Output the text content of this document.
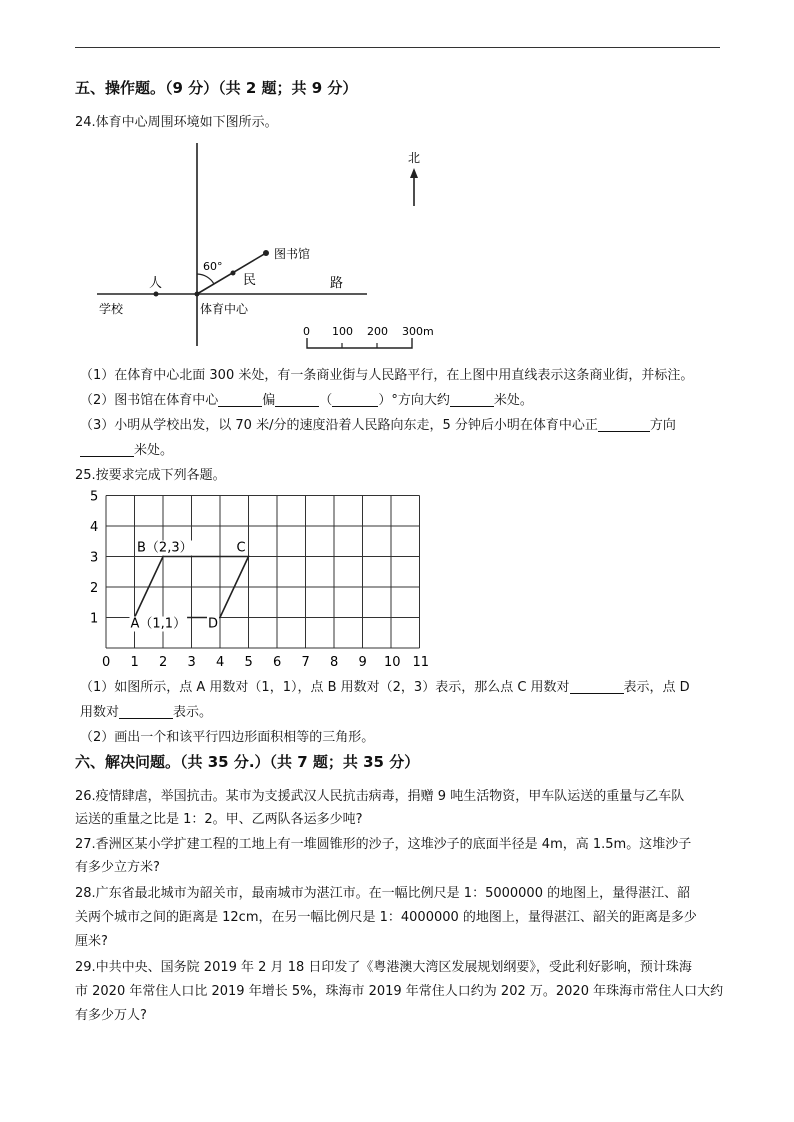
五、操作题。（9 分）（共 2 题；共 9 分）
24.体育中心周围环境如下图所示。
60°
图书馆
人	民	路
学校	体育中心
北
0 100 200 300m
（1）在体育中心北面 300 米处，有一条商业街与人民路平行，在上图中用直线表示这条商业街，并标注。
（2）图书馆在体育中心	偏	（	）°方向大约	米处。
（3）小明从学校出发，以 70 米/分的速度沿着人民路向东走，5 分钟后小明在体育中心正	方向
米处。
25.按要求完成下列各题。
0 1 2 3 4 5 6 7 8 9 10 11
1
2
3
4
5
A（1,1）
B（2,3）	C
D
（1）如图所示，点 A 用数对（1，1），点 B 用数对（2，3）表示，那么点 C 用数对	表示，点 D
用数对	表示。
（2）画出一个和该平行四边形面积相等的三角形。
六、解决问题。（共 35 分.）（共 7 题；共 35 分）
26.疫情肆虐，举国抗击。某市为支援武汉人民抗击病毒，捐赠 9 吨生活物资，甲车队运送的重量与乙车队
运送的重量之比是 1：2。甲、乙两队各运多少吨?
27.香洲区某小学扩建工程的工地上有一堆圆锥形的沙子，这堆沙子的底面半径是 4m，高 1.5m。这堆沙子
有多少立方米?
28.广东省最北城市为韶关市，最南城市为湛江市。在一幅比例尺是 1：5000000 的地图上，量得湛江、韶
关两个城市之间的距离是 12cm，在另一幅比例尺是 1：4000000 的地图上，量得湛江、韶关的距离是多少
厘米?
29.中共中央、国务院 2019 年 2 月 18 日印发了《粤港澳大湾区发展规划纲要》，受此利好影响，预计珠海
市 2020 年常住人口比 2019 年增长 5%，珠海市 2019 年常住人口约为 202 万。2020 年珠海市常住人口大约
有多少万人?
